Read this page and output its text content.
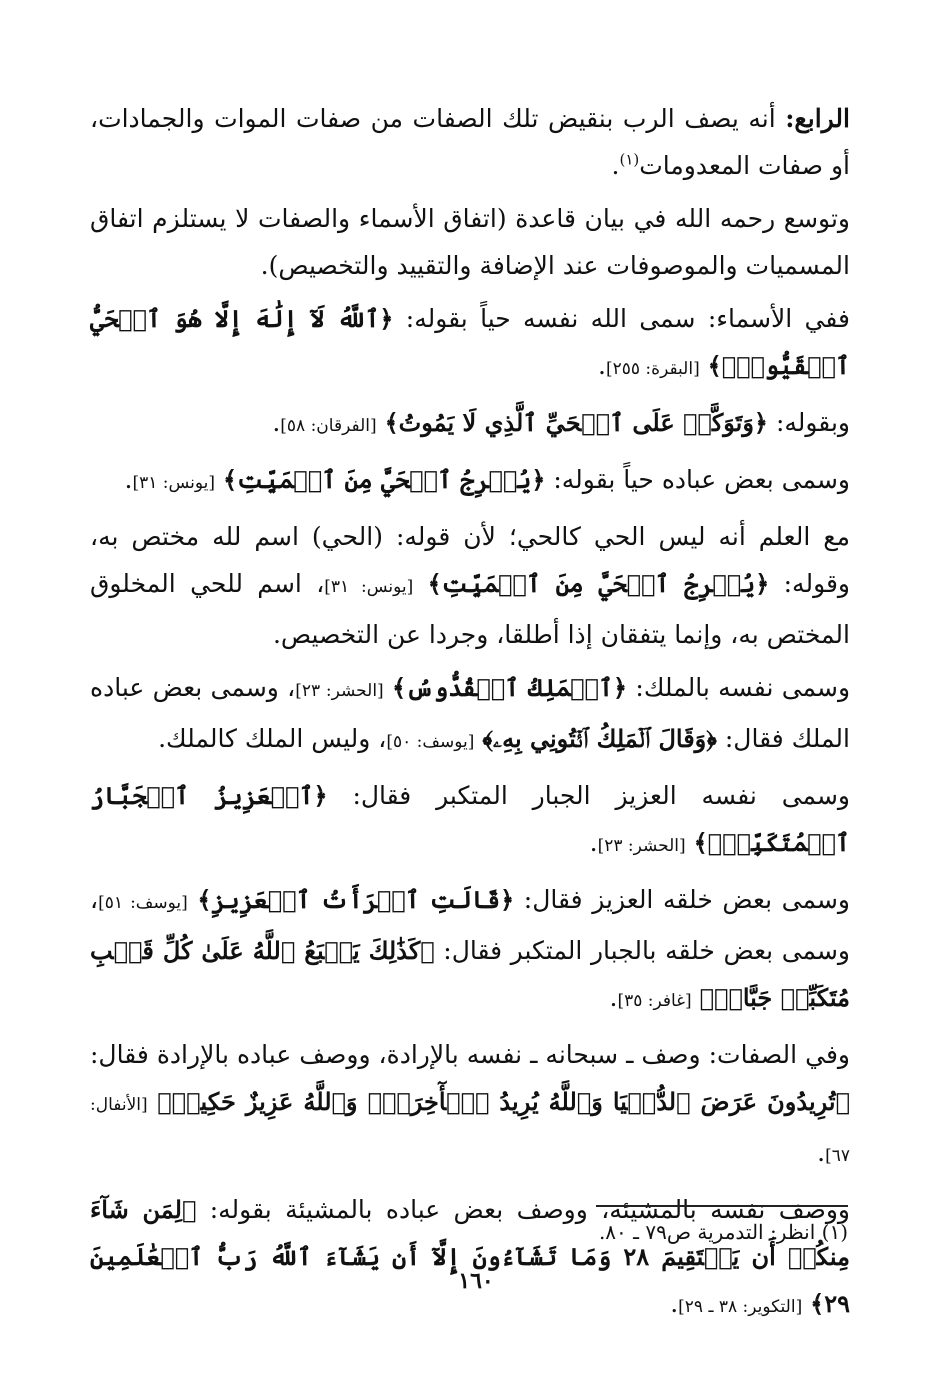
الرابع: أنه يصف الرب بنقيض تلك الصفات من صفات الموات والجمادات، أو صفات المعدومات$^{(١)}$.

وتوسع رحمه الله في بيان قاعدة (اتفاق الأسماء والصفات لا يستلزم اتفاق المسميات والموصوفات عند الإضافة والتقييد والتخصيص).

ففي الأسماء: سمى الله نفسه حياً بقوله: ﴿ٱللَّهُ لَآ إِلَٰهَ إِلَّا هُوَ ٱلۡحَيُّ ٱلۡقَيُّومُۚ﴾ [البقرة: ٢٥٥].

وبقوله: ﴿وَتَوَكَّلۡ عَلَى ٱلۡحَيِّ ٱلَّذِي لَا يَمُوتُ﴾ [الفرقان: ٥٨].

وسمى بعض عباده حياً بقوله: ﴿يُخۡرِجُ ٱلۡحَيَّ مِنَ ٱلۡمَيِّتِ﴾ [يونس: ٣١].

مع العلم أنه ليس الحي كالحي؛ لأن قوله: (الحي) اسم لله مختص به، وقوله: ﴿يُخۡرِجُ ٱلۡحَيَّ مِنَ ٱلۡمَيِّتِ﴾ [يونس: ٣١]، اسم للحي المخلوق المختص به، وإنما يتفقان إذا أطلقا، وجردا عن التخصيص.

وسمى نفسه بالملك: ﴿ٱلۡمَلِكُ ٱلۡقُدُّوسُ﴾ [الحشر: ٢٣]، وسمى بعض عباده الملك فقال: ﴿وَقَالَ ٱلۡمَلِكُ ٱئۡتُونِي بِهِۦ﴾ [يوسف: ٥٠]، وليس الملك كالملك.

وسمى نفسه العزيز الجبار المتكبر فقال: ﴿ٱلۡعَزِيزُ ٱلۡجَبَّارُ ٱلۡمُتَكَبِّرُۚ﴾ [الحشر: ٢٣].

وسمى بعض خلقه العزيز فقال: ﴿قَالَتِ ٱمۡرَأَتُ ٱلۡعَزِيزِ﴾ [يوسف: ٥١]، وسمى بعض خلقه بالجبار المتكبر فقال: ﴿كَذَٰلِكَ يَطۡبَعُ ٱللَّهُ عَلَىٰ كُلِّ قَلۡبِ مُتَكَبِّرٖ جَبَّارٖ﴾ [غافر: ٣٥].

وفي الصفات: وصف ـ سبحانه ـ نفسه بالإرادة، ووصف عباده بالإرادة فقال: ﴿تُرِيدُونَ عَرَضَ ٱلدُّنۡيَا وَٱللَّهُ يُرِيدُ ٱلۡأٓخِرَةَۗ وَٱللَّهُ عَزِيزٌ حَكِيمٞ﴾ [الأنفال: ٦٧].

ووصف نفسه بالمشيئة، ووصف بعض عباده بالمشيئة بقوله: ﴿لِمَن شَآءَ مِنكُمۡ أَن يَسۡتَقِيمَ ٢٨ وَمَا تَشَآءُونَ إِلَّآ أَن يَشَآءَ ٱللَّهُ رَبُّ ٱلۡعَٰلَمِينَ ٢٩﴾ [التكوير: ٣٨ ـ ٢٩].

(١) انظر: التدمرية ص٧٩ ـ ٨٠.
١٦٠
